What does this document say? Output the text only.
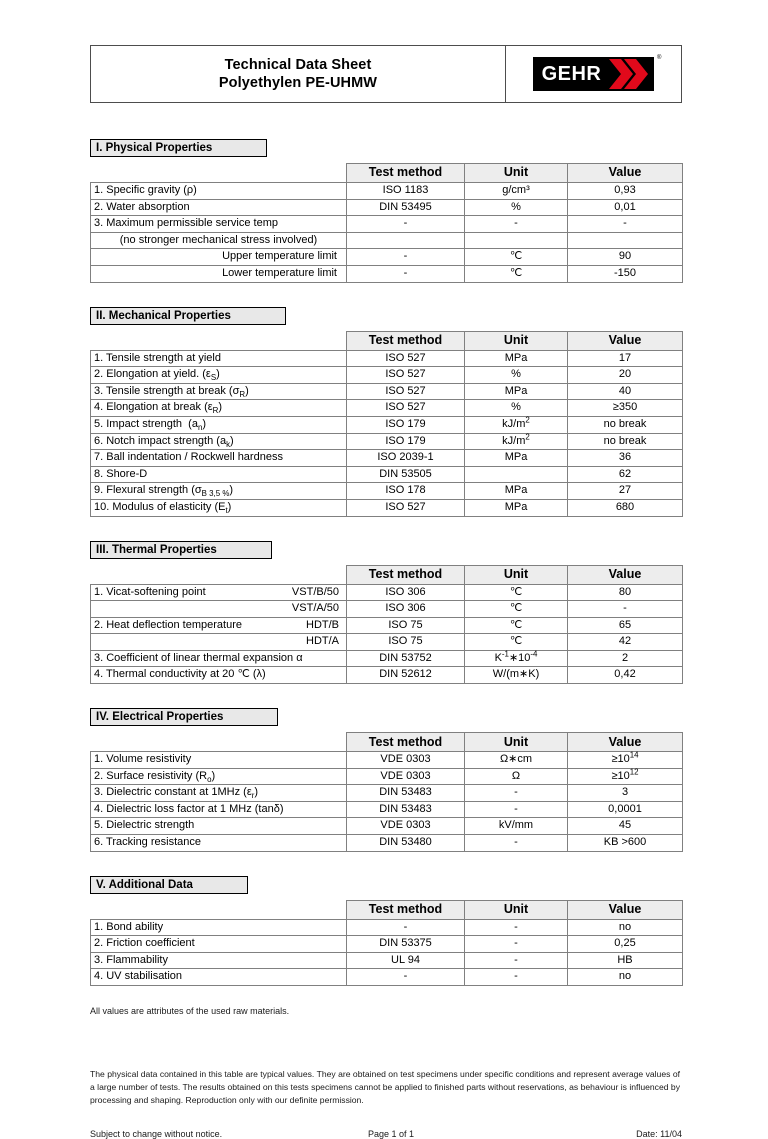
Technical Data Sheet
Polyethylen PE-UHMW	GEHR
®
I. Physical Properties
	Test method	Unit	Value
1. Specific gravity (ρ)	ISO 1183	g/cm³	0,93
2. Water absorption	DIN 53495	%	0,01
3. Maximum permissible service temp	-	-	-
(no stronger mechanical stress involved)			
Upper temperature limit	-	℃	90
Lower temperature limit	-	℃	-150
II. Mechanical Properties
	Test method	Unit	Value
1. Tensile strength at yield	ISO 527	MPa	17
2. Elongation at yield. $(\varepsilon_S)$	ISO 527	%	20
3. Tensile strength at break $(\sigma_R)$	ISO 527	MPa	40
4. Elongation at break $(\varepsilon_R)$	ISO 527	%	≥350
5. Impact strength  $(a_n)$	ISO 179	$kJ/m^2$	no break
6. Notch impact strength $(a_k)$	ISO 179	$kJ/m^2$	no break
7. Ball indentation / Rockwell hardness	ISO 2039-1	MPa	36
8. Shore-D	DIN 53505		62
9. Flexural strength $(\sigma_{B 3,5 \%})$	ISO 178	MPa	27
10. Modulus of elasticity $(E_t)$	ISO 527	MPa	680
III. Thermal Properties
	Test method	Unit	Value

1. Vicat-softening point VST/B/50	ISO 306	℃	80

VST/A/50	ISO 306	℃	-

2. Heat deflection temperature HDT/B	ISO 75	℃	65

HDT/A	ISO 75	℃	42
3. Coefficient of linear thermal expansion α	DIN 53752	$K^{-1}∗10^{-4}$	2
4. Thermal conductivity at 20 ℃ (λ)	DIN 52612	W/(m∗K)	0,42
IV. Electrical Properties
	Test method	Unit	Value
1. Volume resistivity	VDE 0303	Ω∗cm	$\ge 10^{14}$
2. Surface resistivity $(R_o)$	VDE 0303	Ω	$\ge 10^{12}$
3. Dielectric constant at 1MHz $(\varepsilon_r)$	DIN 53483	-	3
4. Dielectric loss factor at 1 MHz (tanδ)	DIN 53483	-	0,0001
5. Dielectric strength	VDE 0303	kV/mm	45
6. Tracking resistance	DIN 53480	-	KB >600
V. Additional Data
	Test method	Unit	Value
1. Bond ability	-	-	no
2. Friction coefficient	DIN 53375	-	0,25
3. Flammability	UL 94	-	HB
4. UV stabilisation	-	-	no
All values are attributes of the used raw materials.
The physical data contained in this table are typical values. They are obtained on test specimens under specific conditions and represent average values of a large number of tests. The results obtained on this tests specimens cannot be applied to finished parts without reservations, as behaviour is influenced by processing and shaping. Reproduction only with our definite permission.
Subject to change without notice.	Page 1 of 1	Date: 11/04
